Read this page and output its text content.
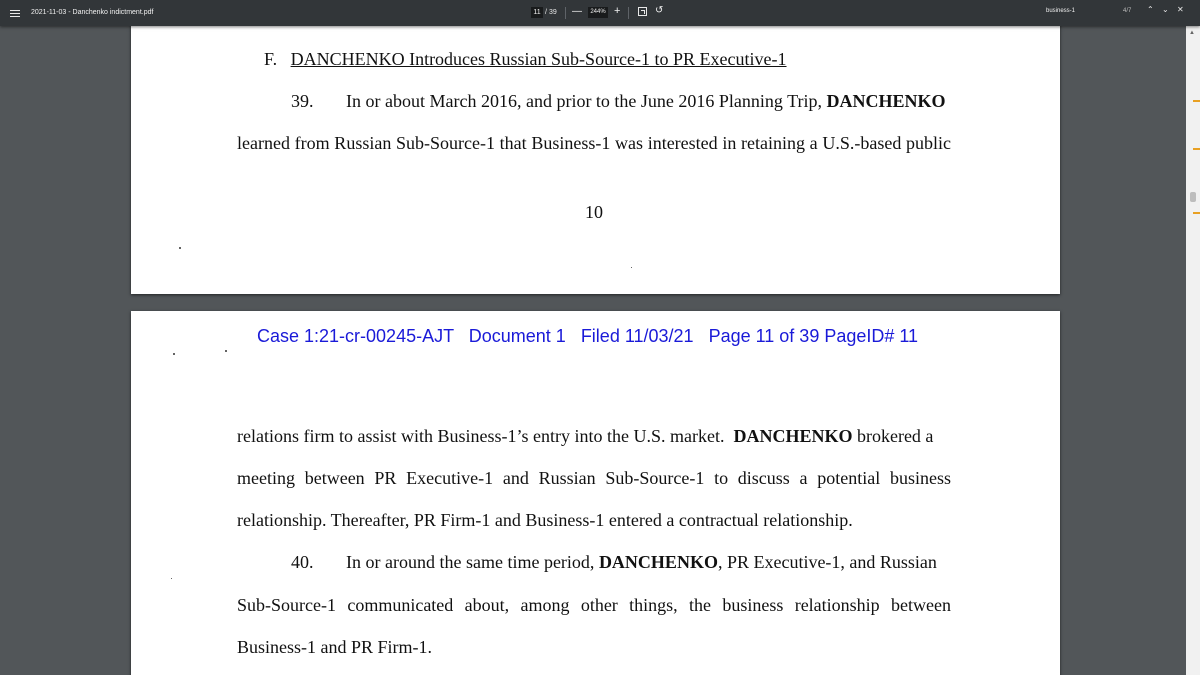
2021-11-03 - Danchenko indictment.pdf	11 / 39 —	244% +	↺	business-1	4/7 ⌃ ⌄ ✕
F. DANCHENKO Introduces Russian Sub-Source-1 to PR Executive-1
39. In or about March 2016, and prior to the June 2016 Planning Trip, DANCHENKO
learned from Russian Sub-Source-1 that Business-1 was interested in retaining a U.S.-based public
10
Case 1:21-cr-00245-AJT   Document 1   Filed 11/03/21   Page 11 of 39 PageID# 11
relations firm to assist with Business-1’s entry into the U.S. market. DANCHENKO brokered a
meeting between PR Executive-1 and Russian Sub-Source-1 to discuss a potential business
relationship. Thereafter, PR Firm-1 and Business-1 entered a contractual relationship.
40. In or around the same time period, DANCHENKO, PR Executive-1, and Russian
Sub-Source-1 communicated about, among other things, the business relationship between
Business-1 and PR Firm-1.
▲
